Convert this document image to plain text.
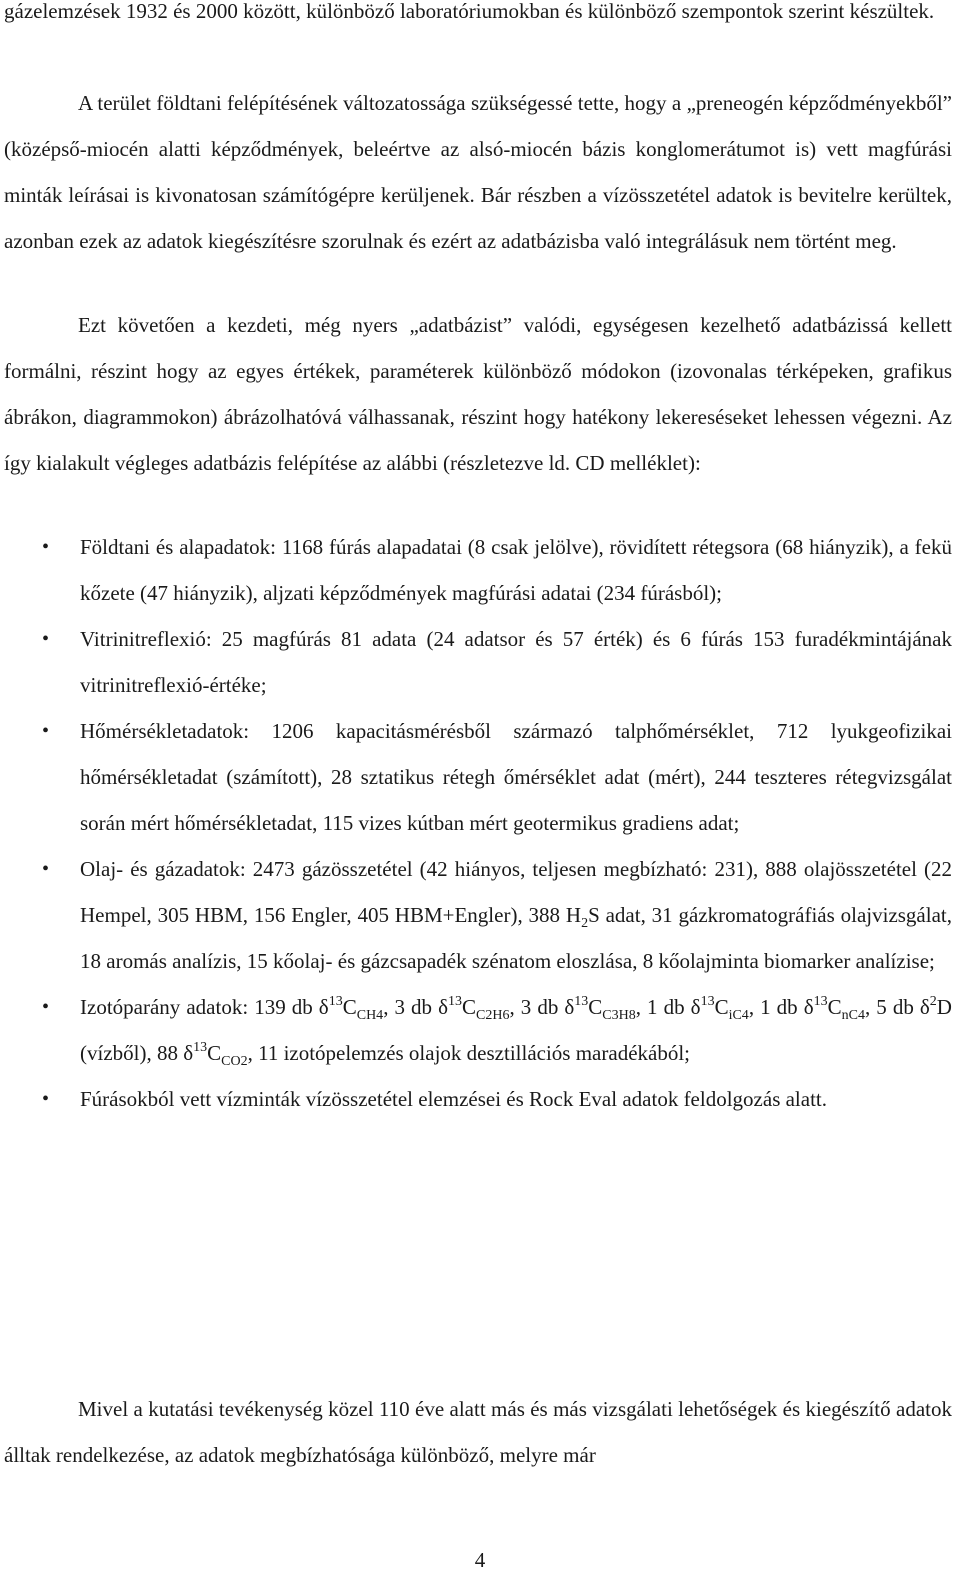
gázelemzések 1932 és 2000 között, különböző laboratóriumokban és különböző szempontok szerint készültek.

A terület földtani felépítésének változatossága szükségessé tette, hogy a „preneogén képződményekből” (középső-miocén alatti képződmények, beleértve az alsó-miocén bázis konglomerátumot is) vett magfúrási minták leírásai is kivonatosan számítógépre kerüljenek. Bár részben a vízösszetétel adatok is bevitelre kerültek, azonban ezek az adatok kiegészítésre szorulnak és ezért az adatbázisba való integrálásuk nem történt meg.

Ezt követően a kezdeti, még nyers „adatbázist” valódi, egységesen kezelhető adatbázissá kellett formálni, részint hogy az egyes értékek, paraméterek különböző módokon (izovonalas térképeken, grafikus ábrákon, diagrammokon) ábrázolhatóvá válhassanak, részint hogy hatékony lekereséseket lehessen végezni. Az így kialakult végleges adatbázis felépítése az alábbi (részletezve ld. CD melléklet):

• Földtani és alapadatok: 1168 fúrás alapadatai (8 csak jelölve), rövidített rétegsora (68 hiányzik), a fekü kőzete (47 hiányzik), aljzati képződmények magfúrási adatai (234 fúrásból);
• Vitrinitreflexió: 25 magfúrás 81 adata (24 adatsor és 57 érték) és 6 fúrás 153 furadékmintájának vitrinitreflexió-értéke;
• Hőmérsékletadatok: 1206 kapacitásmérésből származó talphőmérséklet, 712 lyukgeofizikai hőmérsékletadat (számított), 28 sztatikus rétegh őmérséklet adat (mért), 244 teszteres rétegvizsgálat során mért hőmérsékletadat, 115 vizes kútban mért geotermikus gradiens adat;
• Olaj- és gázadatok: 2473 gázösszetétel (42 hiányos, teljesen megbízható: 231), 888 olajösszetétel (22 Hempel, 305 HBM, 156 Engler, 405 HBM+Engler), 388 $H_2S$ adat, 31 gázkromatográfiás olajvizsgálat, 18 aromás analízis, 15 kőolaj- és gázcsapadék szénatom eloszlása, 8 kőolajminta biomarker analízise;
• Izotóparány adatok: 139 db $\delta^{13}C_{CH4}$, 3 db $\delta^{13}C_{C2H6}$, 3 db $\delta^{13}C_{C3H8}$, 1 db $\delta^{13}C_{iC4}$, 1 db $\delta^{13}C_{nC4}$, 5 db $\delta^2D$ (vízből), 88 $\delta^{13}C_{CO2}$, 11 izotópelemzés olajok desztillációs maradékából;
• Fúrásokból vett vízminták vízösszetétel elemzései és Rock Eval adatok feldolgozás alatt.

Mivel a kutatási tevékenység közel 110 éve alatt más és más vizsgálati lehetőségek és kiegészítő adatok álltak rendelkezése, az adatok megbízhatósága különböző, melyre már

4
